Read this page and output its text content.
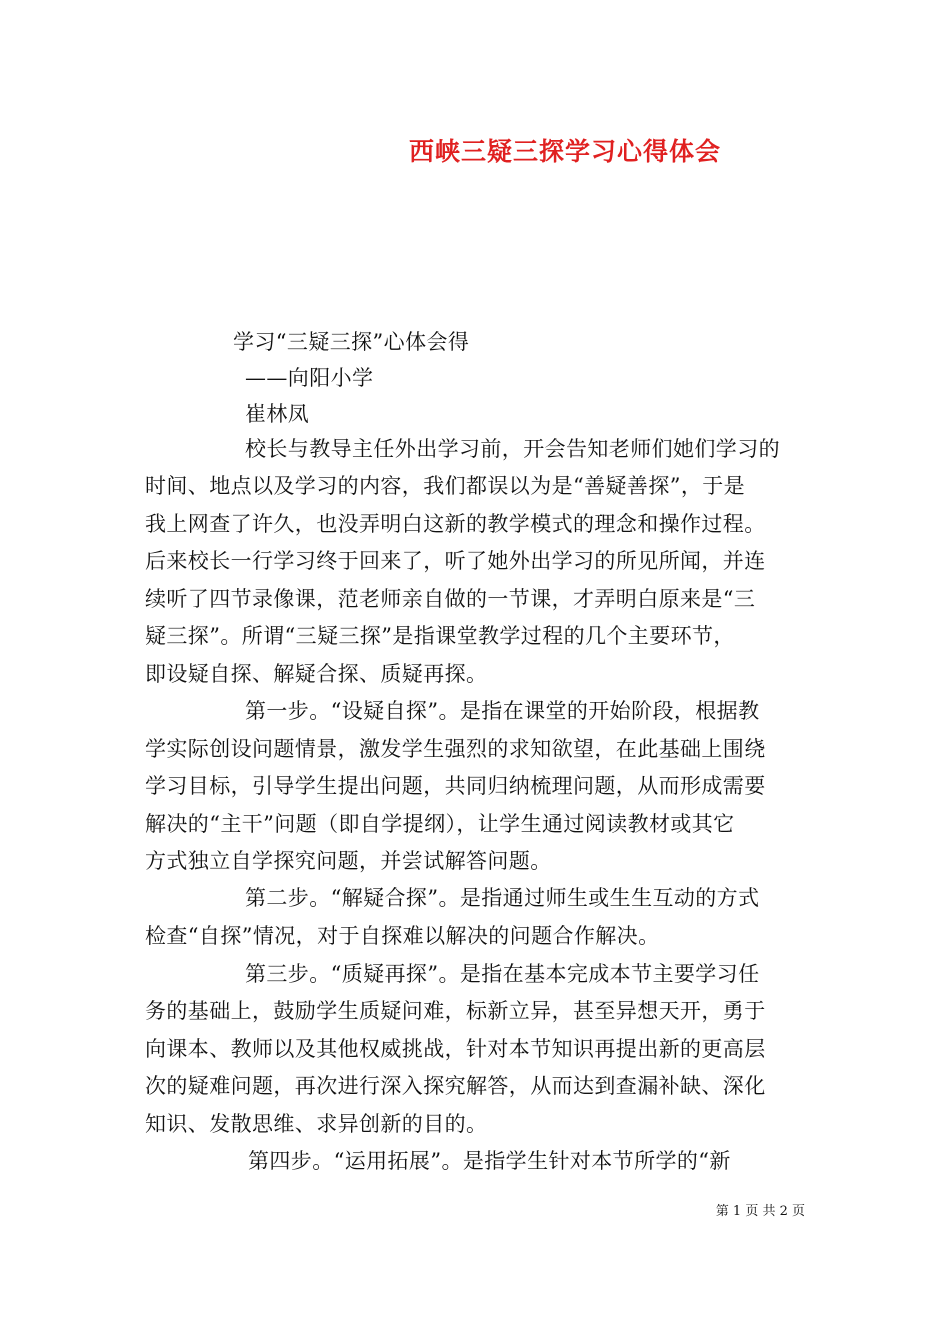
西峡三疑三探学习心得体会
学习“三疑三探”心体会得
——向阳小学
崔林凤
校长与教导主任外出学习前，开会告知老师们她们学习的
时间、地点以及学习的内容，我们都误以为是“善疑善探”，于是
我上网查了许久，也没弄明白这新的教学模式的理念和操作过程。
后来校长一行学习终于回来了，听了她外出学习的所见所闻，并连
续听了四节录像课，范老师亲自做的一节课，才弄明白原来是“三
疑三探”。所谓“三疑三探”是指课堂教学过程的几个主要环节，
即设疑自探、解疑合探、质疑再探。
第一步。“设疑自探”。是指在课堂的开始阶段，根据教
学实际创设问题情景，激发学生强烈的求知欲望，在此基础上围绕
学习目标，引导学生提出问题，共同归纳梳理问题，从而形成需要
解决的“主干”问题（即自学提纲），让学生通过阅读教材或其它
方式独立自学探究问题，并尝试解答问题。
第二步。“解疑合探”。是指通过师生或生生互动的方式
检查“自探”情况，对于自探难以解决的问题合作解决。
第三步。“质疑再探”。是指在基本完成本节主要学习任
务的基础上，鼓励学生质疑问难，标新立异，甚至异想天开，勇于
向课本、教师以及其他权威挑战，针对本节知识再提出新的更高层
次的疑难问题，再次进行深入探究解答，从而达到查漏补缺、深化
知识、发散思维、求异创新的目的。
第四步。“运用拓展”。是指学生针对本节所学的“新
第 1 页 共 2 页
